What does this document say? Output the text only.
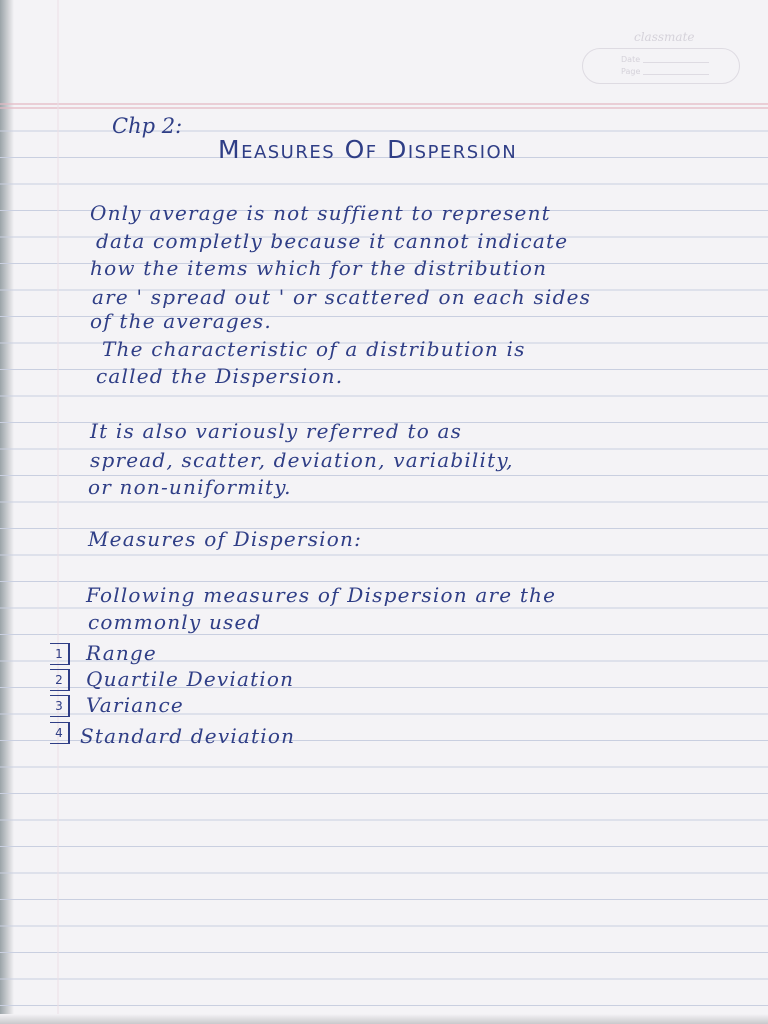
classmate
Date
Page
Chp 2:
Measures Of Dispersion
Only average is not suffient to represent
data completly because it cannot indicate
how the items which for the distribution
are ' spread out ' or scattered on each sides
of the averages.
The characteristic of a distribution is
called the Dispersion.
It is also variously referred to as
spread, scatter, deviation, variability,
or non-uniformity.
Measures of Dispersion:
Following measures of Dispersion are the
commonly used
1	Range
2	Quartile Deviation
3	Variance
4 Standard deviation
